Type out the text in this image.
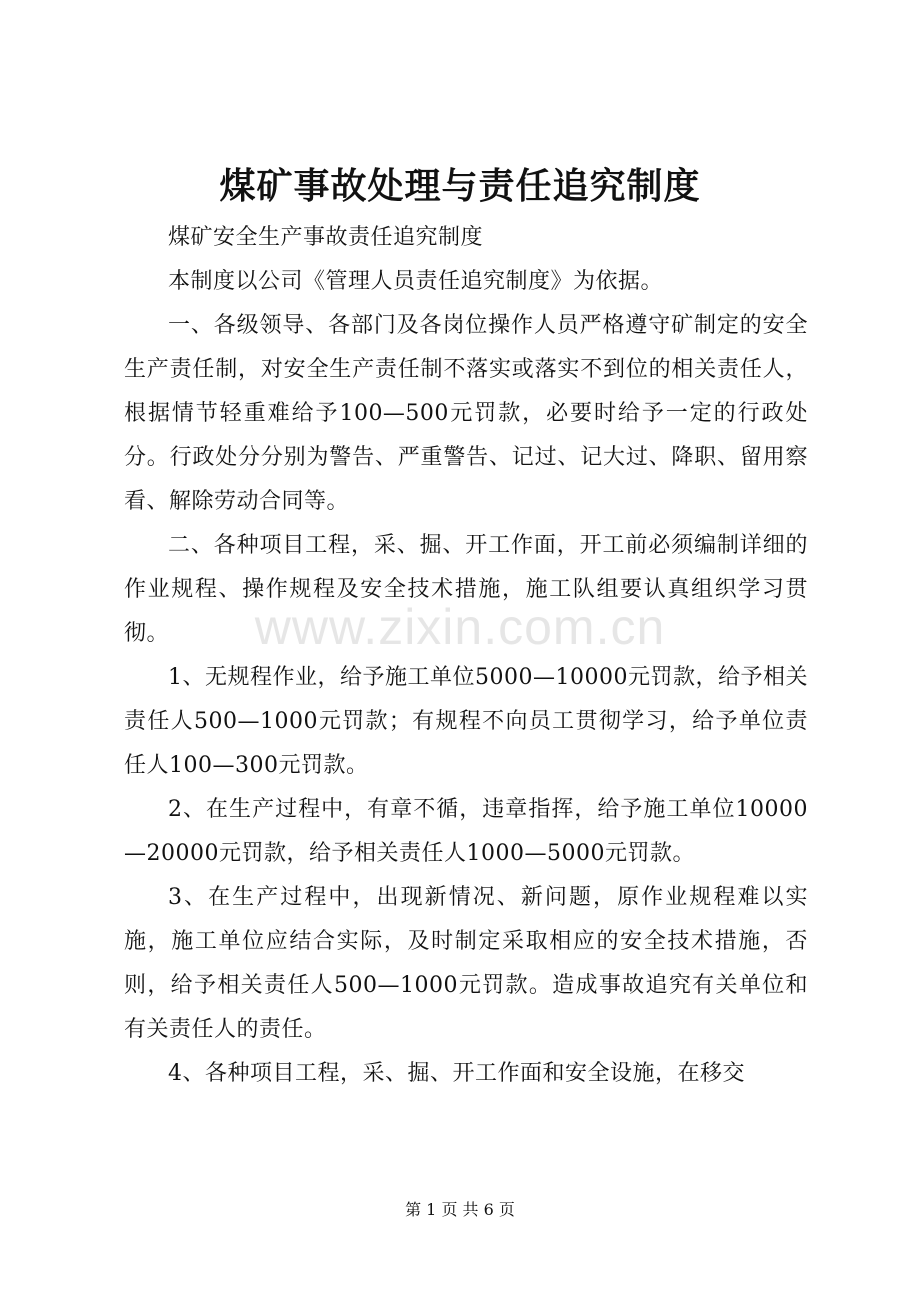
煤矿事故处理与责任追究制度

煤矿安全生产事故责任追究制度

本制度以公司《管理人员责任追究制度》为依据。

一、各级领导、各部门及各岗位操作人员严格遵守矿制定的安全生产责任制，对安全生产责任制不落实或落实不到位的相关责任人，根据情节轻重难给予100—500元罚款，必要时给予一定的行政处分。行政处分分别为警告、严重警告、记过、记大过、降职、留用察看、解除劳动合同等。

二、各种项目工程，采、掘、开工作面，开工前必须编制详细的作业规程、操作规程及安全技术措施，施工队组要认真组织学习贯彻。

1、无规程作业，给予施工单位5000—10000元罚款，给予相关责任人500—1000元罚款；有规程不向员工贯彻学习，给予单位责任人100—300元罚款。

2、在生产过程中，有章不循，违章指挥，给予施工单位10000—20000元罚款，给予相关责任人1000—5000元罚款。

3、在生产过程中，出现新情况、新问题，原作业规程难以实施，施工单位应结合实际，及时制定采取相应的安全技术措施，否则，给予相关责任人500—1000元罚款。造成事故追究有关单位和有关责任人的责任。

4、各种项目工程，采、掘、开工作面和安全设施，在移交

www.zixin.com.cn
第 1 页 共 6 页
